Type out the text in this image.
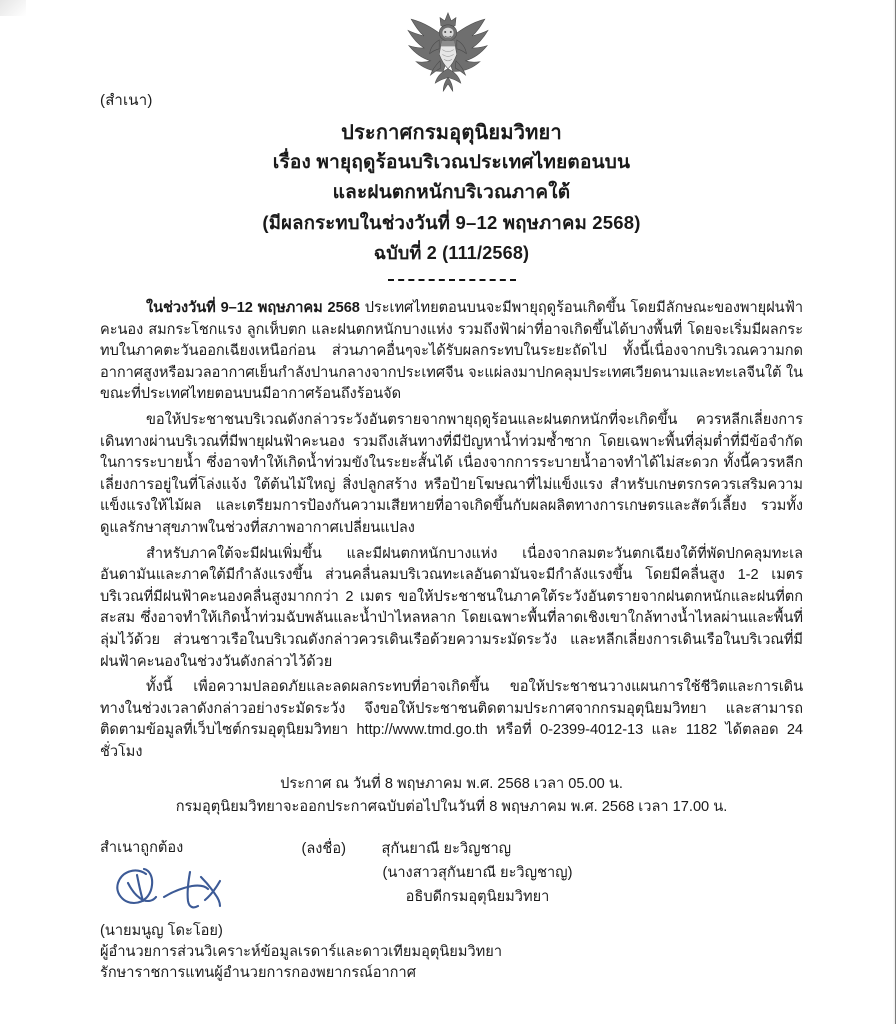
(สำเนา)
ประกาศกรมอุตุนิยมวิทยา
เรื่อง พายุฤดูร้อนบริเวณประเทศไทยตอนบน
และฝนตกหนักบริเวณภาคใต้
(มีผลกระทบในช่วงวันที่ 9–12 พฤษภาคม 2568)
ฉบับที่ 2 (111/2568)

ในช่วงวันที่ 9–12 พฤษภาคม 2568 ประเทศไทยตอนบนจะมีพายุฤดูร้อนเกิดขึ้น โดยมีลักษณะของพายุฝนฟ้าคะนอง สมกระโชกแรง ลูกเห็บตก และฝนตกหนักบางแห่ง รวมถึงฟ้าผ่าที่อาจเกิดขึ้นได้บางพื้นที่ โดยจะเริ่มมีผลกระทบในภาคตะวันออกเฉียงเหนือก่อน ส่วนภาคอื่นๆจะได้รับผลกระทบในระยะถัดไป ทั้งนี้เนื่องจากบริเวณความกดอากาศสูงหรือมวลอากาศเย็นกำลังปานกลางจากประเทศจีน จะแผ่ลงมาปกคลุมประเทศเวียดนามและทะเลจีนใต้ ในขณะที่ประเทศไทยตอนบนมีอากาศร้อนถึงร้อนจัด

ขอให้ประชาชนบริเวณดังกล่าวระวังอันตรายจากพายุฤดูร้อนและฝนตกหนักที่จะเกิดขึ้น ควรหลีกเลี่ยงการเดินทางผ่านบริเวณที่มีพายุฝนฟ้าคะนอง รวมถึงเส้นทางที่มีปัญหาน้ำท่วมซ้ำซาก โดยเฉพาะพื้นที่ลุ่มต่ำที่มีข้อจำกัดในการระบายน้ำ ซึ่งอาจทำให้เกิดน้ำท่วมขังในระยะสั้นได้ เนื่องจากการระบายน้ำอาจทำได้ไม่สะดวก ทั้งนี้ควรหลีกเลี่ยงการอยู่ในที่โล่งแจ้ง ใต้ต้นไม้ใหญ่ สิ่งปลูกสร้าง หรือป้ายโฆษณาที่ไม่แข็งแรง สำหรับเกษตรกรควรเสริมความแข็งแรงให้ไม้ผล และเตรียมการป้องกันความเสียหายที่อาจเกิดขึ้นกับผลผลิตทางการเกษตรและสัตว์เลี้ยง รวมทั้งดูแลรักษาสุขภาพในช่วงที่สภาพอากาศเปลี่ยนแปลง

สำหรับภาคใต้จะมีฝนเพิ่มขึ้น และมีฝนตกหนักบางแห่ง เนื่องจากลมตะวันตกเฉียงใต้ที่พัดปกคลุมทะเลอันดามันและภาคใต้มีกำลังแรงขึ้น ส่วนคลื่นลมบริเวณทะเลอันดามันจะมีกำลังแรงขึ้น โดยมีคลื่นสูง 1-2 เมตร บริเวณที่มีฝนฟ้าคะนองคลื่นสูงมากกว่า 2 เมตร ขอให้ประชาชนในภาคใต้ระวังอันตรายจากฝนตกหนักและฝนที่ตกสะสม ซึ่งอาจทำให้เกิดน้ำท่วมฉับพลันและน้ำป่าไหลหลาก โดยเฉพาะพื้นที่ลาดเชิงเขาใกล้ทางน้ำไหลผ่านและพื้นที่ลุ่มไว้ด้วย ส่วนชาวเรือในบริเวณดังกล่าวควรเดินเรือด้วยความระมัดระวัง และหลีกเลี่ยงการเดินเรือในบริเวณที่มีฝนฟ้าคะนองในช่วงวันดังกล่าวไว้ด้วย

ทั้งนี้ เพื่อความปลอดภัยและลดผลกระทบที่อาจเกิดขึ้น ขอให้ประชาชนวางแผนการใช้ชีวิตและการเดินทางในช่วงเวลาดังกล่าวอย่างระมัดระวัง จึงขอให้ประชาชนติดตามประกาศจากกรมอุตุนิยมวิทยา และสามารถติดตามข้อมูลที่เว็บไซต์กรมอุตุนิยมวิทยา http://www.tmd.go.th หรือที่ 0-2399-4012-13 และ 1182 ได้ตลอด 24 ชั่วโมง

ประกาศ ณ วันที่ 8 พฤษภาคม พ.ศ. 2568 เวลา 05.00 น.
กรมอุตุนิยมวิทยาจะออกประกาศฉบับต่อไปในวันที่ 8 พฤษภาคม พ.ศ. 2568 เวลา 17.00 น.
(ลงชื่อ) สุกันยาณี ยะวิญชาญ
(นางสาวสุกันยาณี ยะวิญชาญ)
อธิบดีกรมอุตุนิยมวิทยา
สำเนาถูกต้อง
(นายมนูญ โดะโอย)
ผู้อำนวยการส่วนวิเคราะห์ข้อมูลเรดาร์และดาวเทียมอุตุนิยมวิทยา
รักษาราชการแทนผู้อำนวยการกองพยากรณ์อากาศ
